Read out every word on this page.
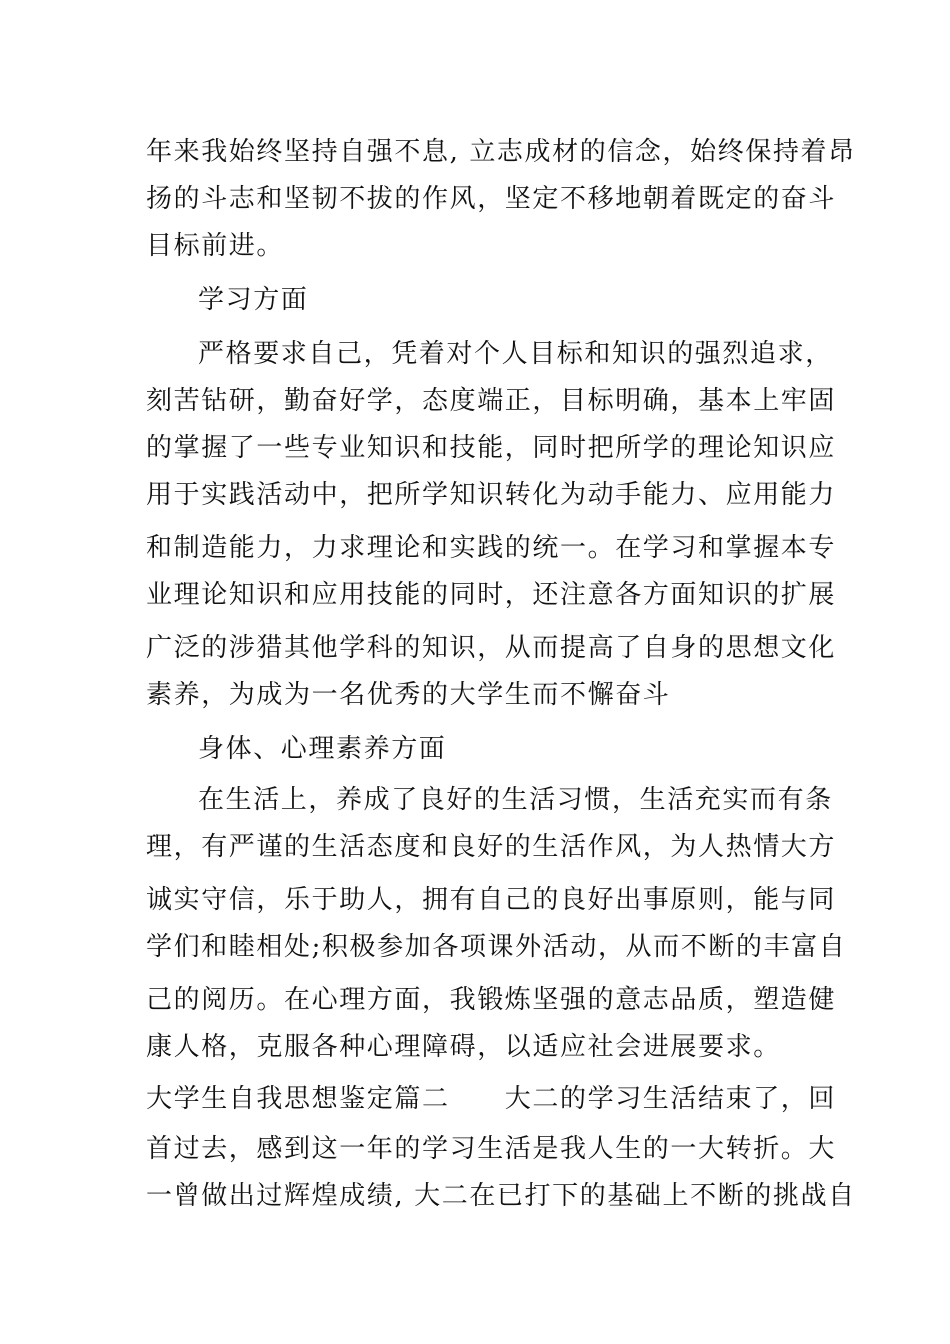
年来我始终坚持自强不息, 立志成材的信念，始终保持着昂
扬的斗志和坚韧不拔的作风，坚定不移地朝着既定的奋斗
目标前进。
学习方面
严格要求自己，凭着对个人目标和知识的强烈追求，
刻苦钻研，勤奋好学，态度端正，目标明确，基本上牢固
的掌握了一些专业知识和技能，同时把所学的理论知识应
用于实践活动中，把所学知识转化为动手能力、应用能力
和制造能力，力求理论和实践的统一。在学习和掌握本专
业理论知识和应用技能的同时，还注意各方面知识的扩展
广泛的涉猎其他学科的知识，从而提高了自身的思想文化
素养，为成为一名优秀的大学生而不懈奋斗
身体、心理素养方面
在生活上，养成了良好的生活习惯，生活充实而有条
理，有严谨的生活态度和良好的生活作风，为人热情大方
诚实守信，乐于助人，拥有自己的良好出事原则，能与同
学们和睦相处;积极参加各项课外活动，从而不断的丰富自
己的阅历。在心理方面，我锻炼坚强的意志品质，塑造健
康人格，克服各种心理障碍，以适应社会进展要求。
大学生自我思想鉴定篇二　　大二的学习生活结束了，回
首过去，感到这一年的学习生活是我人生的一大转折。大
一曾做出过辉煌成绩, 大二在已打下的基础上不断的挑战自
